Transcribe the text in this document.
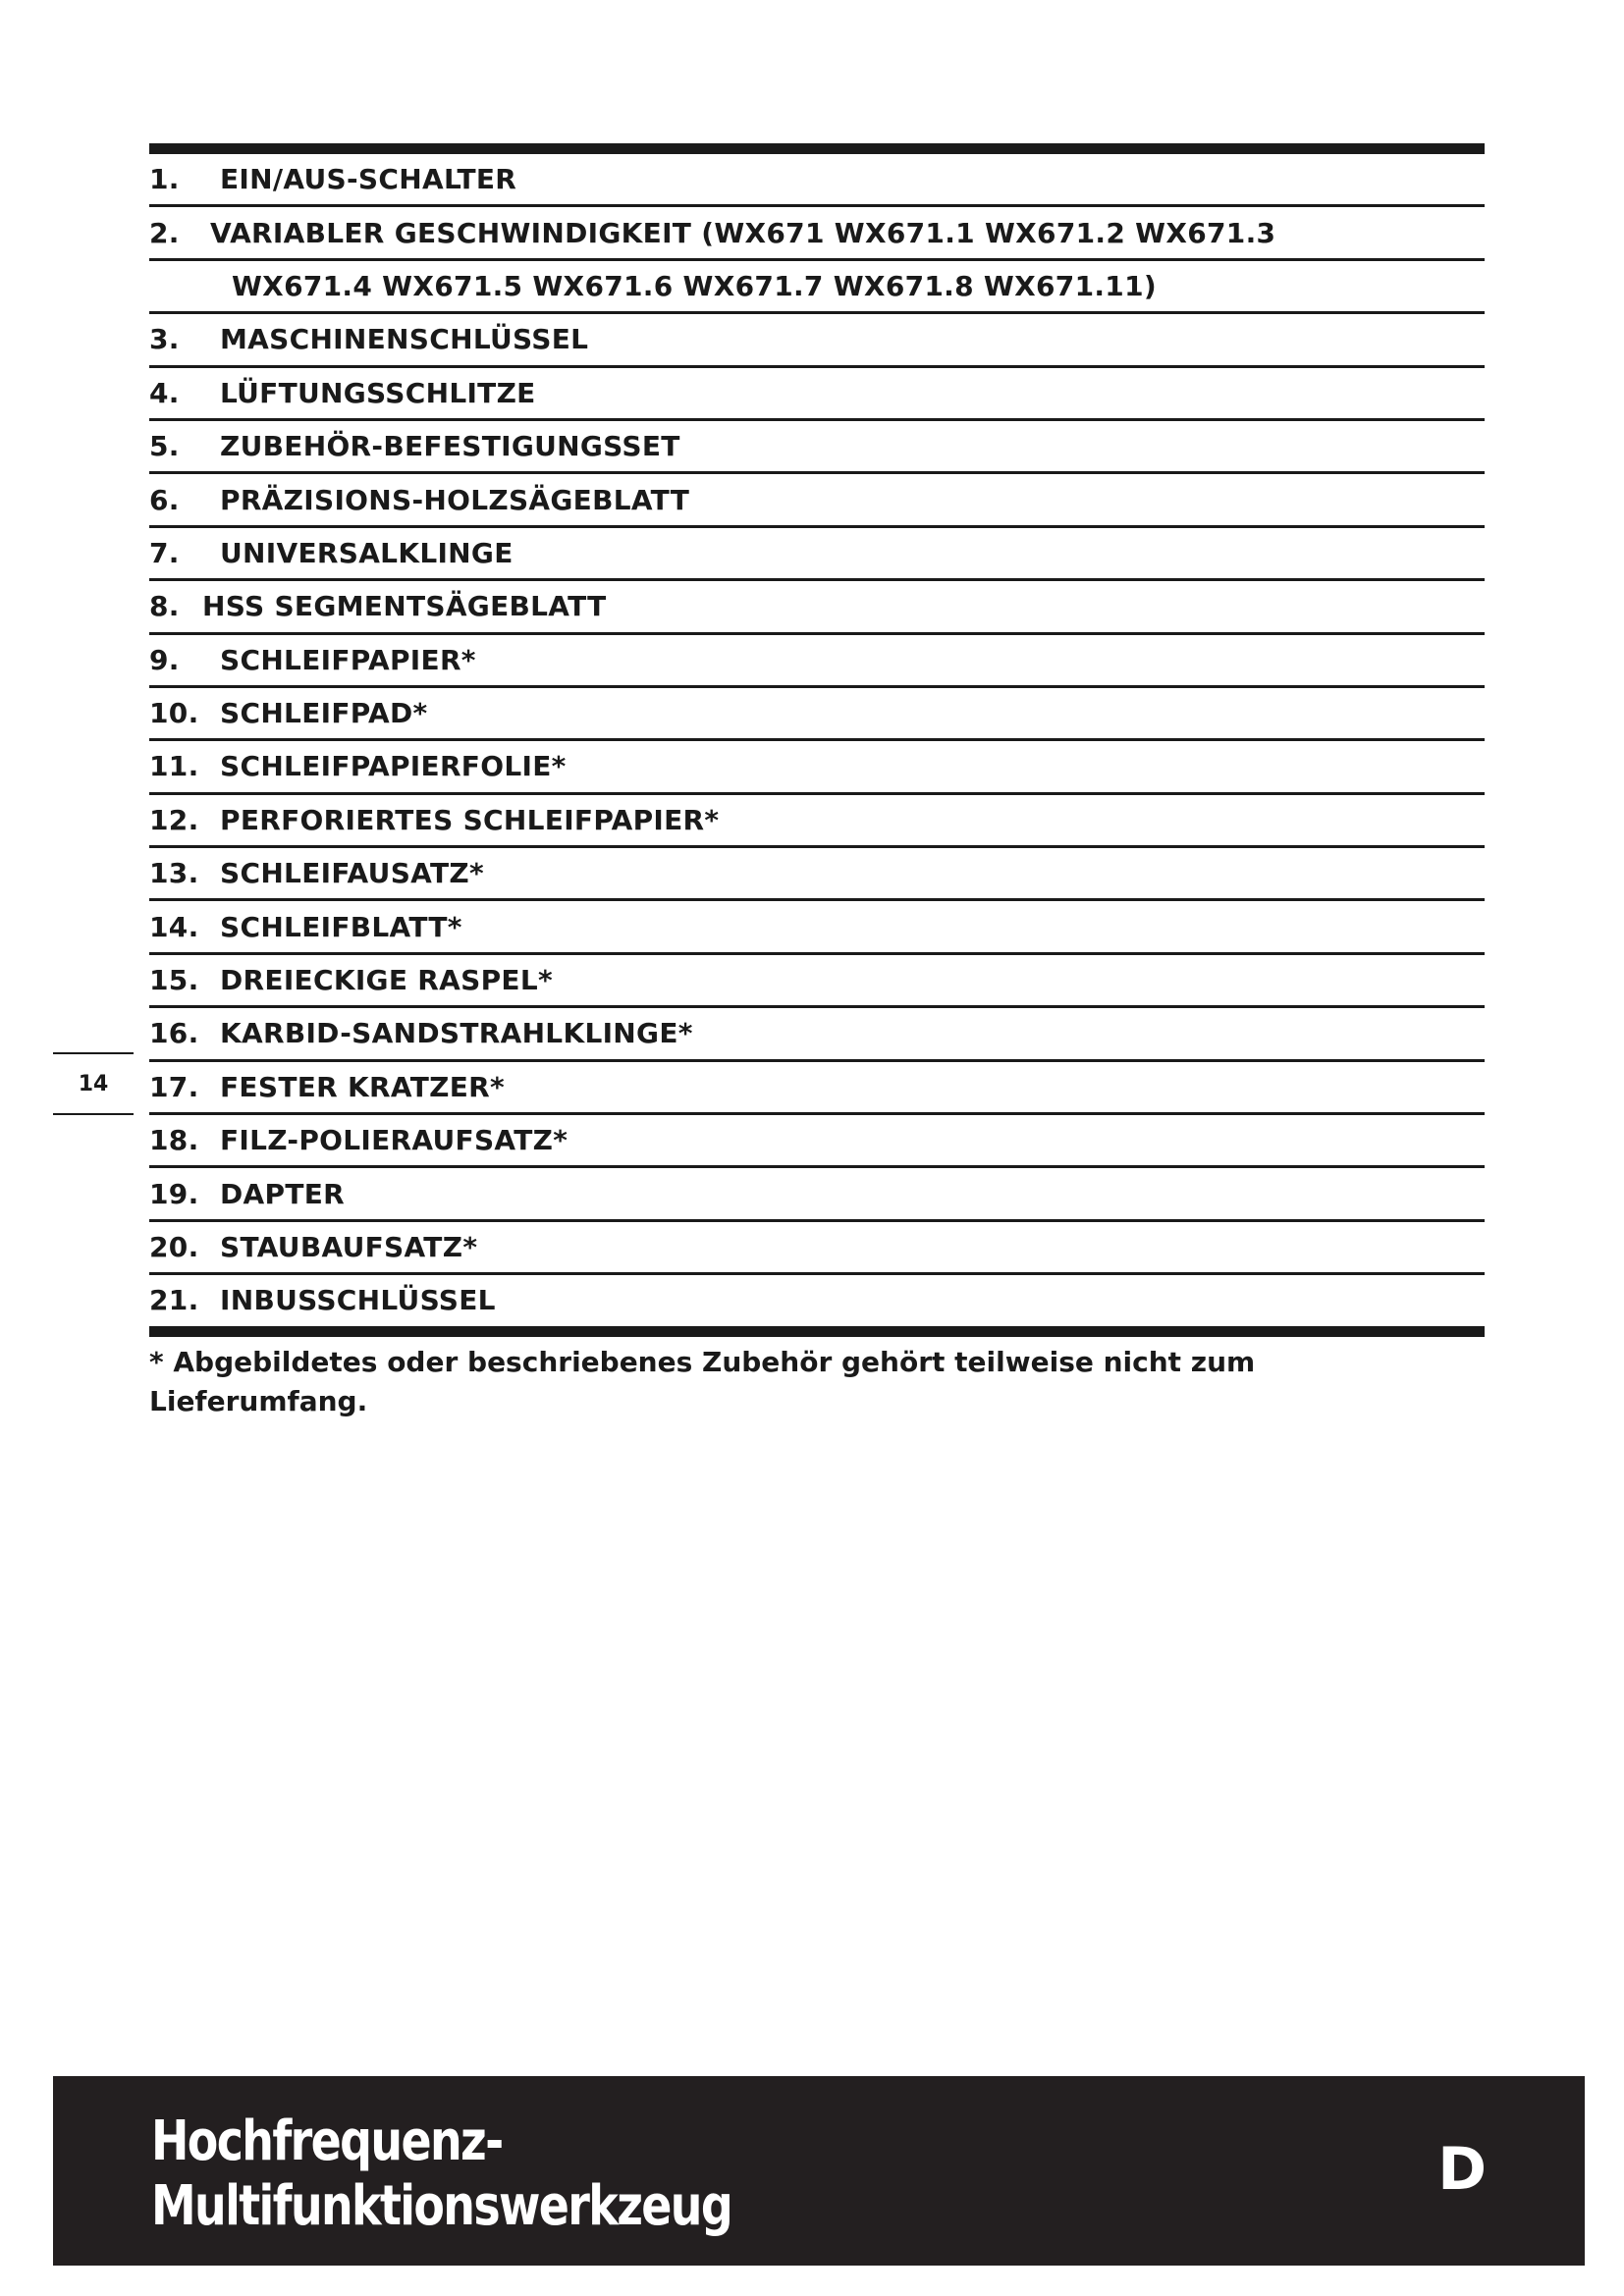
1.	EIN/AUS-SCHALTER
2.	VARIABLER GESCHWINDIGKEIT (WX671 WX671.1 WX671.2 WX671.3
WX671.4 WX671.5 WX671.6 WX671.7 WX671.8 WX671.11)
3.	MASCHINENSCHLÜSSEL
4.	LÜFTUNGSSCHLITZE
5.	ZUBEHÖR-BEFESTIGUNGSSET
6.	PRÄZISIONS-HOLZSÄGEBLATT
7.	UNIVERSALKLINGE
8. HSS SEGMENTSÄGEBLATT
9.	SCHLEIFPAPIER*
10. SCHLEIFPAD*
11. SCHLEIFPAPIERFOLIE*
12. PERFORIERTES SCHLEIFPAPIER*
13. SCHLEIFAUSATZ*
14. SCHLEIFBLATT*
15. DREIECKIGE RASPEL*
16. KARBID-SANDSTRAHLKLINGE*
17. FESTER KRATZER*
18. FILZ-POLIERAUFSATZ*
19. DAPTER
20. STAUBAUFSATZ*
21. INBUSSCHLÜSSEL
* Abgebildetes oder beschriebenes Zubehör gehört teilweise nicht zum
Lieferumfang.
14
Hochfrequenz-
Multifunktionswerkzeug
D
